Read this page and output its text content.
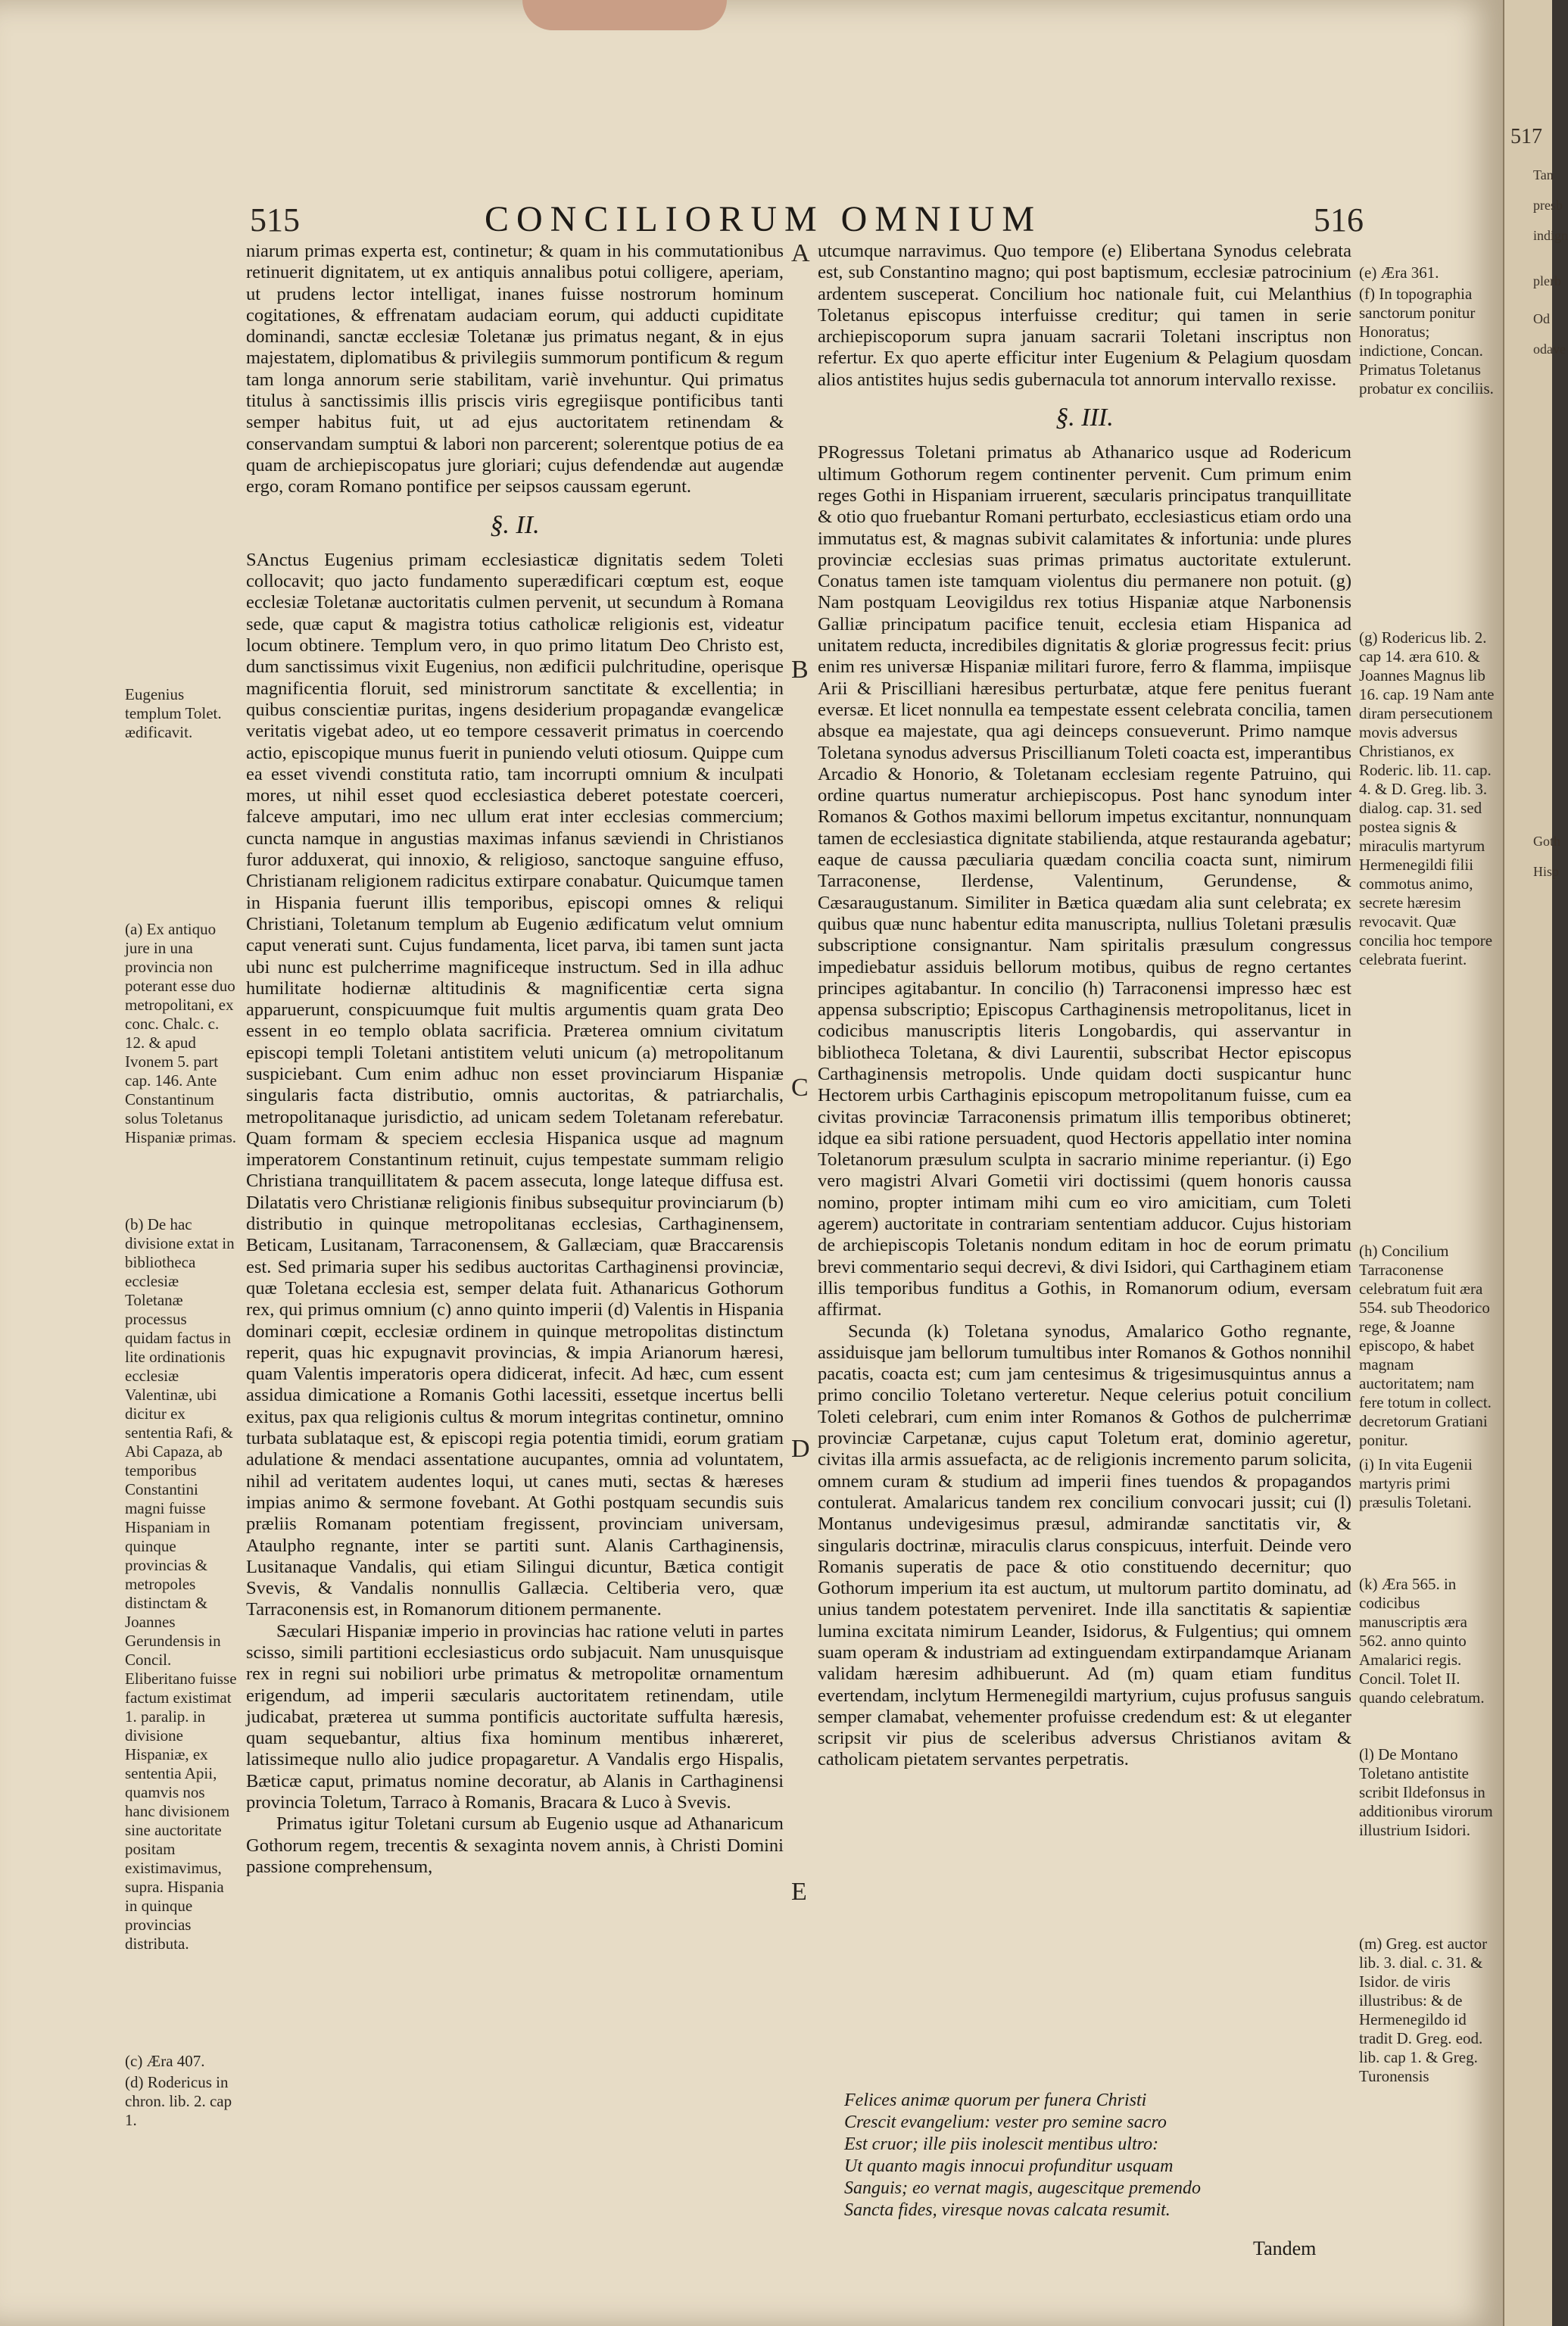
515	CONCILIORUM OMNIUM	516

niarum primas experta est, continetur; & quam in his commutationibus retinuerit dignitatem, ut ex antiquis annalibus potui colligere, aperiam, ut prudens lector intelligat, inanes fuisse nostrorum hominum cogitationes, & effrenatam audaciam eorum, qui adducti cupiditate dominandi, sanctæ ecclesiæ Toletanæ jus primatus negant, & in ejus majestatem, diplomatibus & privilegiis summorum pontificum & regum tam longa annorum serie stabilitam, variè invehuntur. Qui primatus titulus à sanctissimis illis priscis viris egregiisque pontificibus tanti semper habitus fuit, ut ad ejus auctoritatem retinendam & conservandam sumptui & labori non parcerent; solerentque potius de ea quam de archiepiscopatus jure gloriari; cujus defendendæ aut augendæ ergo, coram Romano pontifice per seipsos caussam egerunt.

§. II.

SAnctus Eugenius primam ecclesiasticæ dignitatis sedem Toleti collocavit; quo jacto fundamento superædificari cœptum est, eoque ecclesiæ Toletanæ auctoritatis culmen pervenit, ut secundum à Romana sede, quæ caput & magistra totius catholicæ religionis est, videatur locum obtinere. Templum vero, in quo primo litatum Deo Christo est, dum sanctissimus vixit Eugenius, non ædificii pulchritudine, operisque magnificentia floruit, sed ministrorum sanctitate & excellentia; in quibus conscientiæ puritas, ingens desiderium propagandæ evangelicæ veritatis vigebat adeo, ut eo tempore cessaverit primatus in coercendo actio, episcopique munus fuerit in puniendo veluti otiosum. Quippe cum ea esset vivendi constituta ratio, tam incorrupti omnium & inculpati mores, ut nihil esset quod ecclesiastica deberet potestate coerceri, falceve amputari, imo nec ullum erat inter ecclesias commercium; cuncta namque in angustias maximas infanus sæviendi in Christianos furor adduxerat, qui innoxio, & religioso, sanctoque sanguine effuso, Christianam religionem radicitus extirpare conabatur. Quicumque tamen in Hispania fuerunt illis temporibus, episcopi omnes & reliqui Christiani, Toletanum templum ab Eugenio ædificatum velut omnium caput venerati sunt. Cujus fundamenta, licet parva, ibi tamen sunt jacta ubi nunc est pulcherrime magnificeque instructum. Sed in illa adhuc humilitate hodiernæ altitudinis & magnificentiæ certa signa apparuerunt, conspicuumque fuit multis argumentis quam grata Deo essent in eo templo oblata sacrificia. Præterea omnium civitatum episcopi templi Toletani antistitem veluti unicum (a) metropolitanum suspiciebant. Cum enim adhuc non esset provinciarum Hispaniæ singularis facta distributio, omnis auctoritas, & patriarchalis, metropolitanaque jurisdictio, ad unicam sedem Toletanam referebatur. Quam formam & speciem ecclesia Hispanica usque ad magnum imperatorem Constantinum retinuit, cujus tempestate summam religio Christiana tranquillitatem & pacem assecuta, longe lateque diffusa est. Dilatatis vero Christianæ religionis finibus subsequitur provinciarum (b) distributio in quinque metropolitanas ecclesias, Carthaginensem, Beticam, Lusitanam, Tarraconensem, & Gallæciam, quæ Braccarensis est. Sed primaria super his sedibus auctoritas Carthaginensi provinciæ, quæ Toletana ecclesia est, semper delata fuit. Athanaricus Gothorum rex, qui primus omnium (c) anno quinto imperii (d) Valentis in Hispania dominari cœpit, ecclesiæ ordinem in quinque metropolitas distinctum reperit, quas hic expugnavit provincias, & impia Arianorum hæresi, quam Valentis imperatoris opera didicerat, infecit. Ad hæc, cum essent assidua dimicatione a Romanis Gothi lacessiti, essetque incertus belli exitus, pax qua religionis cultus & morum integritas continetur, omnino turbata sublataque est, & episcopi regia potentia timidi, eorum gratiam adulatione & mendaci assentatione aucupantes, omnia ad voluntatem, nihil ad veritatem audentes loqui, ut canes muti, sectas & hæreses impias animo & sermone fovebant. At Gothi postquam secundis suis præliis Romanam potentiam fregissent, provinciam universam, Ataulpho regnante, inter se partiti sunt. Alanis Carthaginensis, Lusitanaque Vandalis, qui etiam Silingui dicuntur, Bætica contigit Svevis, & Vandalis nonnullis Gallæcia. Celtiberia vero, quæ Tarraconensis est, in Romanorum ditionem permanente.

Sæculari Hispaniæ imperio in provincias hac ratione veluti in partes scisso, simili partitioni ecclesiasticus ordo subjacuit. Nam unusquisque rex in regni sui nobiliori urbe primatus & metropolitæ ornamentum erigendum, ad imperii sæcularis auctoritatem retinendam, utile judicabat, præterea ut summa pontificis auctoritate suffulta hæresis, quam sequebantur, altius fixa hominum mentibus inhæreret, latissimeque nullo alio judice propagaretur. A Vandalis ergo Hispalis, Bæticæ caput, primatus nomine decoratur, ab Alanis in Carthaginensi provincia Toletum, Tarraco à Romanis, Bracara & Luco à Svevis.

Primatus igitur Toletani cursum ab Eugenio usque ad Athanaricum Gothorum regem, trecentis & sexaginta novem annis, à Christi Domini passione comprehensum,

A
B
C
D
E

utcumque narravimus. Quo tempore (e) Elibertana Synodus celebrata est, sub Constantino magno; qui post baptismum, ecclesiæ patrocinium ardentem susceperat. Concilium hoc nationale fuit, cui Melanthius Toletanus episcopus interfuisse creditur; qui tamen in serie archiepiscoporum supra januam sacrarii Toletani inscriptus non refertur. Ex quo aperte efficitur inter Eugenium & Pelagium quosdam alios antistites hujus sedis gubernacula tot annorum intervallo rexisse.

§. III.

PRogressus Toletani primatus ab Athanarico usque ad Rodericum ultimum Gothorum regem continenter pervenit. Cum primum enim reges Gothi in Hispaniam irruerent, sæcularis principatus tranquillitate & otio quo fruebantur Romani perturbato, ecclesiasticus etiam ordo una immutatus est, & magnas subivit calamitates & infortunia: unde plures provinciæ ecclesias suas primas primatus auctoritate extulerunt. Conatus tamen iste tamquam violentus diu permanere non potuit. (g) Nam postquam Leovigildus rex totius Hispaniæ atque Narbonensis Galliæ principatum pacifice tenuit, ecclesia etiam Hispanica ad unitatem reducta, incredibiles dignitatis & gloriæ progressus fecit: prius enim res universæ Hispaniæ militari furore, ferro & flamma, impiisque Arii & Priscilliani hæresibus perturbatæ, atque fere penitus fuerant eversæ. Et licet nonnulla ea tempestate essent celebrata concilia, tamen absque ea majestate, qua agi deinceps consueverunt. Primo namque Toletana synodus adversus Priscillianum Toleti coacta est, imperantibus Arcadio & Honorio, & Toletanam ecclesiam regente Patruino, qui ordine quartus numeratur archiepiscopus. Post hanc synodum inter Romanos & Gothos maximi bellorum impetus excitantur, nonnunquam tamen de ecclesiastica dignitate stabilienda, atque restauranda agebatur; eaque de caussa pæculiaria quædam concilia coacta sunt, nimirum Tarraconense, Ilerdense, Valentinum, Gerundense, & Cæsaraugustanum. Similiter in Bætica quædam alia sunt celebrata; ex quibus quæ nunc habentur edita manuscripta, nullius Toletani præsulis subscriptione consignantur. Nam spiritalis præsulum congressus impediebatur assiduis bellorum motibus, quibus de regno certantes principes agitabantur. In concilio (h) Tarraconensi impresso hæc est appensa subscriptio; Episcopus Carthaginensis metropolitanus, licet in codicibus manuscriptis literis Longobardis, qui asservantur in bibliotheca Toletana, & divi Laurentii, subscribat Hector episcopus Carthaginensis metropolis. Unde quidam docti suspicantur hunc Hectorem urbis Carthaginis episcopum metropolitanum fuisse, cum ea civitas provinciæ Tarraconensis primatum illis temporibus obtineret; idque ea sibi ratione persuadent, quod Hectoris appellatio inter nomina Toletanorum præsulum sculpta in sacrario minime reperiantur. (i) Ego vero magistri Alvari Gometii viri doctissimi (quem honoris caussa nomino, propter intimam mihi cum eo viro amicitiam, cum Toleti agerem) auctoritate in contrariam sententiam adducor. Cujus historiam de archiepiscopis Toletanis nondum editam in hoc de eorum primatu brevi commentario sequi decrevi, & divi Isidori, qui Carthaginem etiam illis temporibus funditus a Gothis, in Romanorum odium, eversam affirmat.

Secunda (k) Toletana synodus, Amalarico Gotho regnante, assiduisque jam bellorum tumultibus inter Romanos & Gothos nonnihil pacatis, coacta est; cum jam centesimus & trigesimusquintus annus a primo concilio Toletano verteretur. Neque celerius potuit concilium Toleti celebrari, cum enim inter Romanos & Gothos de pulcherrimæ provinciæ Carpetanæ, cujus caput Toletum erat, dominio ageretur, civitas illa armis assuefacta, ac de religionis incremento parum solicita, omnem curam & studium ad imperii fines tuendos & propagandos contulerat. Amalaricus tandem rex concilium convocari jussit; cui (l) Montanus undevigesimus præsul, admirandæ sanctitatis vir, & singularis doctrinæ, miraculis clarus conspicuus, interfuit. Deinde vero Romanis superatis de pace & otio constituendo decernitur; quo Gothorum imperium ita est auctum, ut multorum partito dominatu, ad unius tandem potestatem perveniret. Inde illa sanctitatis & sapientiæ lumina excitata nimirum Leander, Isidorus, & Fulgentius; qui omnem suam operam & industriam ad extinguendam extirpandamque Arianam validam hæresim adhibuerunt. Ad (m) quam etiam funditus evertendam, inclytum Hermenegildi martyrium, cujus profusus sanguis semper clamabat, vehementer profuisse credendum est: & ut eleganter scripsit vir pius de sceleribus adversus Christianos avitam & catholicam pietatem servantes perpetratis.

Felices animæ quorum per funera Christi
Crescit evangelium: vester pro semine sacro
Est cruor; ille piis inolescit mentibus ultro:
Ut quanto magis innocui profunditur usquam
Sanguis; eo vernat magis, augescitque premendo
Sancta fides, viresque novas calcata resumit.
Tandem
Eugenius templum Tolet. ædificavit.
(a) Ex antiquo jure in una provincia non poterant esse duo metropolitani, ex conc. Chalc. c. 12. & apud Ivonem 5. part cap. 146. Ante Constantinum solus Toletanus Hispaniæ primas.
(b) De hac divisione extat in bibliotheca ecclesiæ Toletanæ processus quidam factus in lite ordinationis ecclesiæ Valentinæ, ubi dicitur ex sententia Rafi, & Abi Capaza, ab temporibus Constantini magni fuisse Hispaniam in quinque provincias & metropoles distinctam & Joannes Gerundensis in Concil. Eliberitano fuisse factum existimat 1. paralip. in divisione Hispaniæ, ex sententia Apii, quamvis nos hanc divisionem sine auctoritate positam existimavimus, supra. Hispania in quinque provincias distributa.
(c) Æra 407.
(d) Rodericus in chron. lib. 2. cap 1.
(e) Æra 361.
(f) In topographia sanctorum ponitur Honoratus; indictione, Concan. Primatus Toletanus probatur ex conciliis.
(g) Rodericus lib. 2. cap 14. æra 610. & Joannes Magnus lib 16. cap. 19 Nam ante diram persecutionem movis adversus Christianos, ex Roderic. lib. 11. cap. 4. & D. Greg. lib. 3. dialog. cap. 31. sed postea signis & miraculis martyrum Hermenegildi filii commotus animo, secrete hæresim revocavit. Quæ concilia hoc tempore celebrata fuerint.
(h) Concilium Tarraconense celebratum fuit æra 554. sub Theodorico rege, & Joanne episcopo, & habet magnam auctoritatem; nam fere totum in collect. decretorum Gratiani ponitur.
(i) In vita Eugenii martyris primi præsulis Toletani.
(k) Æra 565. in codicibus manuscriptis æra 562. anno quinto Amalarici regis. Concil. Tolet II. quando celebratum.
(l) De Montano Toletano antistite scribit Ildefonsus in additionibus virorum illustrium Isidori.
(m) Greg. est auctor lib. 3. dial. c. 31. & Isidor. de viris illustribus: & de Hermenegildo id tradit D. Greg. eod. lib. cap 1. & Greg. Turonensis
517
Tan
presb
indign
plerb
Od
odave
Goth
Hisp
